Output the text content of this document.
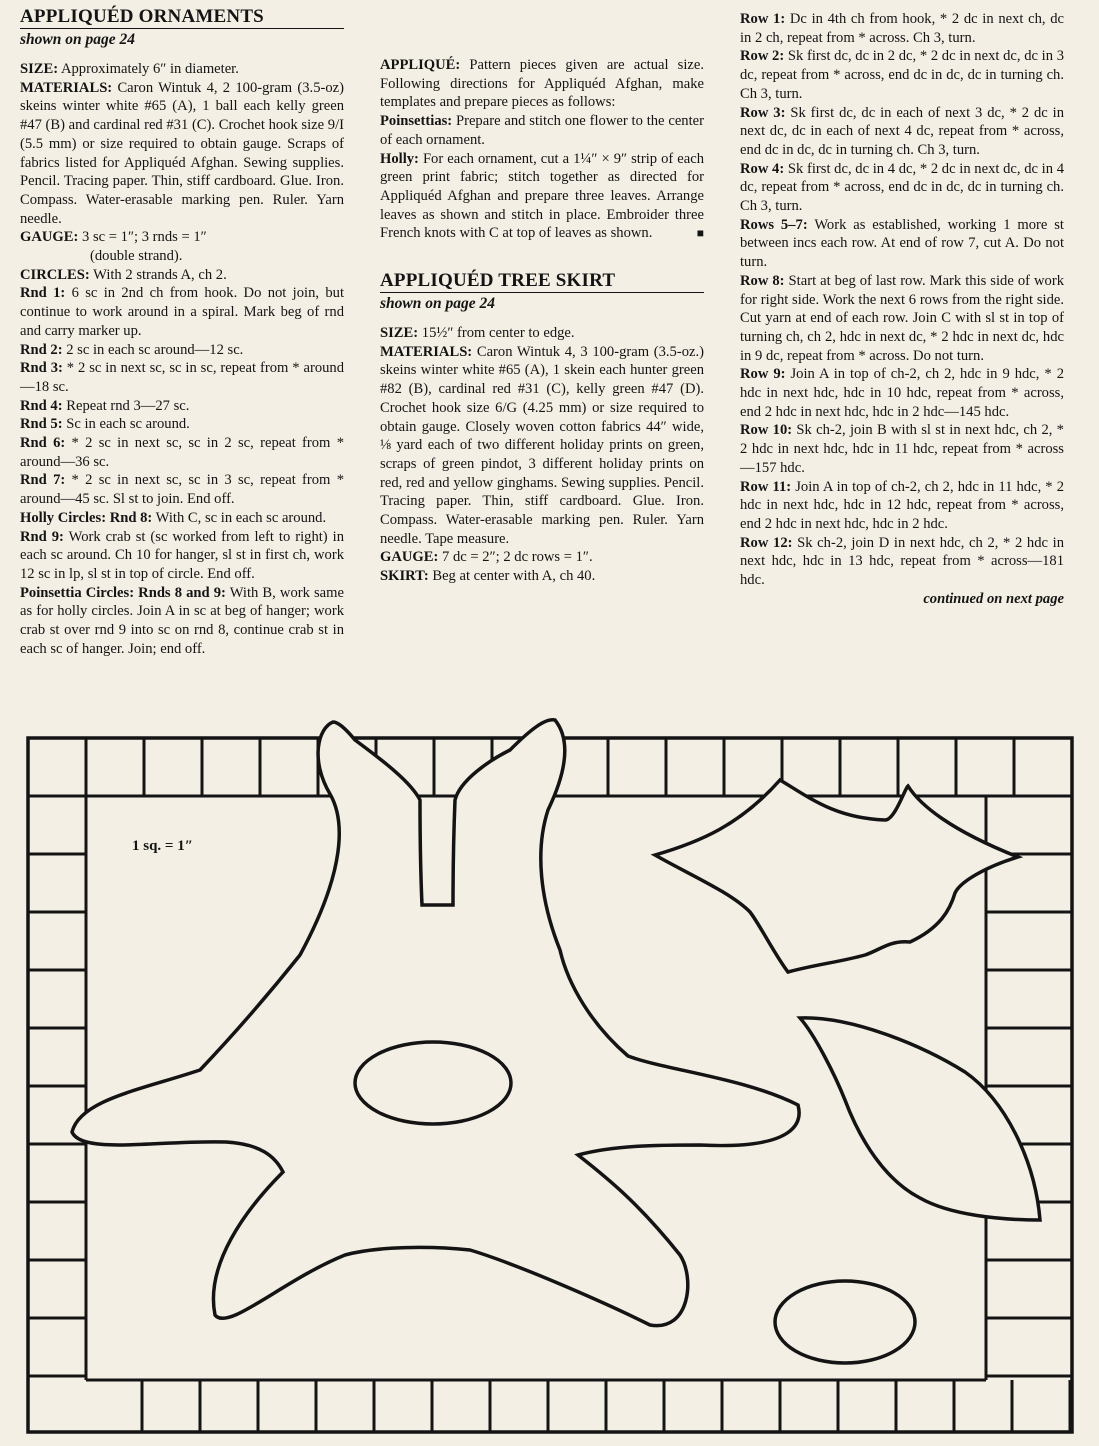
APPLIQUÉD ORNAMENTS
shown on page 24

SIZE: Approximately 6″ in diameter.

MATERIALS: Caron Wintuk 4, 2 100-gram (3.5-oz) skeins winter white #65 (A), 1 ball each kelly green #47 (B) and cardinal red #31 (C). Crochet hook size 9/I (5.5 mm) or size required to obtain gauge. Scraps of fabrics listed for Appliquéd Afghan. Sewing supplies. Pencil. Tracing paper. Thin, stiff cardboard. Glue. Iron. Compass. Water-erasable marking pen. Ruler. Yarn needle.

GAUGE: 3 sc = 1″; 3 rnds = 1″

(double strand).

CIRCLES: With 2 strands A, ch 2.

Rnd 1: 6 sc in 2nd ch from hook. Do not join, but continue to work around in a spiral. Mark beg of rnd and carry marker up.

Rnd 2: 2 sc in each sc around—12 sc.

Rnd 3: * 2 sc in next sc, sc in sc, repeat from * around—18 sc.

Rnd 4: Repeat rnd 3—27 sc.

Rnd 5: Sc in each sc around.

Rnd 6: * 2 sc in next sc, sc in 2 sc, repeat from * around—36 sc.

Rnd 7: * 2 sc in next sc, sc in 3 sc, repeat from * around—45 sc. Sl st to join. End off.

Holly Circles: Rnd 8: With C, sc in each sc around.

Rnd 9: Work crab st (sc worked from left to right) in each sc around. Ch 10 for hanger, sl st in first ch, work 12 sc in lp, sl st in top of circle. End off.

Poinsettia Circles: Rnds 8 and 9: With B, work same as for holly circles. Join A in sc at beg of hanger; work crab st over rnd 9 into sc on rnd 8, continue crab st in each sc of hanger. Join; end off.

APPLIQUÉ: Pattern pieces given are actual size. Following directions for Appliquéd Afghan, make templates and prepare pieces as follows:

Poinsettias: Prepare and stitch one flower to the center of each ornament.

Holly: For each ornament, cut a 1¼″ × 9″ strip of each green print fabric; stitch together as directed for Appliquéd Afghan and prepare three leaves. Arrange leaves as shown and stitch in place. Embroider three French knots with C at top of leaves as shown.	■

APPLIQUÉD TREE SKIRT
shown on page 24

SIZE: 15½″ from center to edge.

MATERIALS: Caron Wintuk 4, 3 100-gram (3.5-oz.) skeins winter white #65 (A), 1 skein each hunter green #82 (B), cardinal red #31 (C), kelly green #47 (D). Crochet hook size 6/G (4.25 mm) or size required to obtain gauge. Closely woven cotton fabrics 44″ wide, ⅛ yard each of two different holiday prints on green, scraps of green pindot, 3 different holiday prints on red, red and yellow ginghams. Sewing supplies. Pencil. Tracing paper. Thin, stiff cardboard. Glue. Iron. Compass. Water-erasable marking pen. Ruler. Yarn needle. Tape measure.

GAUGE: 7 dc = 2″; 2 dc rows = 1″.

SKIRT: Beg at center with A, ch 40.

Row 1: Dc in 4th ch from hook, * 2 dc in next ch, dc in 2 ch, repeat from * across. Ch 3, turn.

Row 2: Sk first dc, dc in 2 dc, * 2 dc in next dc, dc in 3 dc, repeat from * across, end dc in dc, dc in turning ch. Ch 3, turn.

Row 3: Sk first dc, dc in each of next 3 dc, * 2 dc in next dc, dc in each of next 4 dc, repeat from * across, end dc in dc, dc in turning ch. Ch 3, turn.

Row 4: Sk first dc, dc in 4 dc, * 2 dc in next dc, dc in 4 dc, repeat from * across, end dc in dc, dc in turning ch. Ch 3, turn.

Rows 5–7: Work as established, working 1 more st between incs each row. At end of row 7, cut A. Do not turn.

Row 8: Start at beg of last row. Mark this side of work for right side. Work the next 6 rows from the right side. Cut yarn at end of each row. Join C with sl st in top of turning ch, ch 2, hdc in next dc, * 2 hdc in next dc, hdc in 9 dc, repeat from * across. Do not turn.

Row 9: Join A in top of ch-2, ch 2, hdc in 9 hdc, * 2 hdc in next hdc, hdc in 10 hdc, repeat from * across, end 2 hdc in next hdc, hdc in 2 hdc—145 hdc.

Row 10: Sk ch-2, join B with sl st in next hdc, ch 2, * 2 hdc in next hdc, hdc in 11 hdc, repeat from * across—157 hdc.

Row 11: Join A in top of ch-2, ch 2, hdc in 11 hdc, * 2 hdc in next hdc, hdc in 12 hdc, repeat from * across, end 2 hdc in next hdc, hdc in 2 hdc.

Row 12: Sk ch-2, join D in next hdc, ch 2, * 2 hdc in next hdc, hdc in 13 hdc, repeat from * across—181 hdc.

continued on next page

1 sq. = 1″
